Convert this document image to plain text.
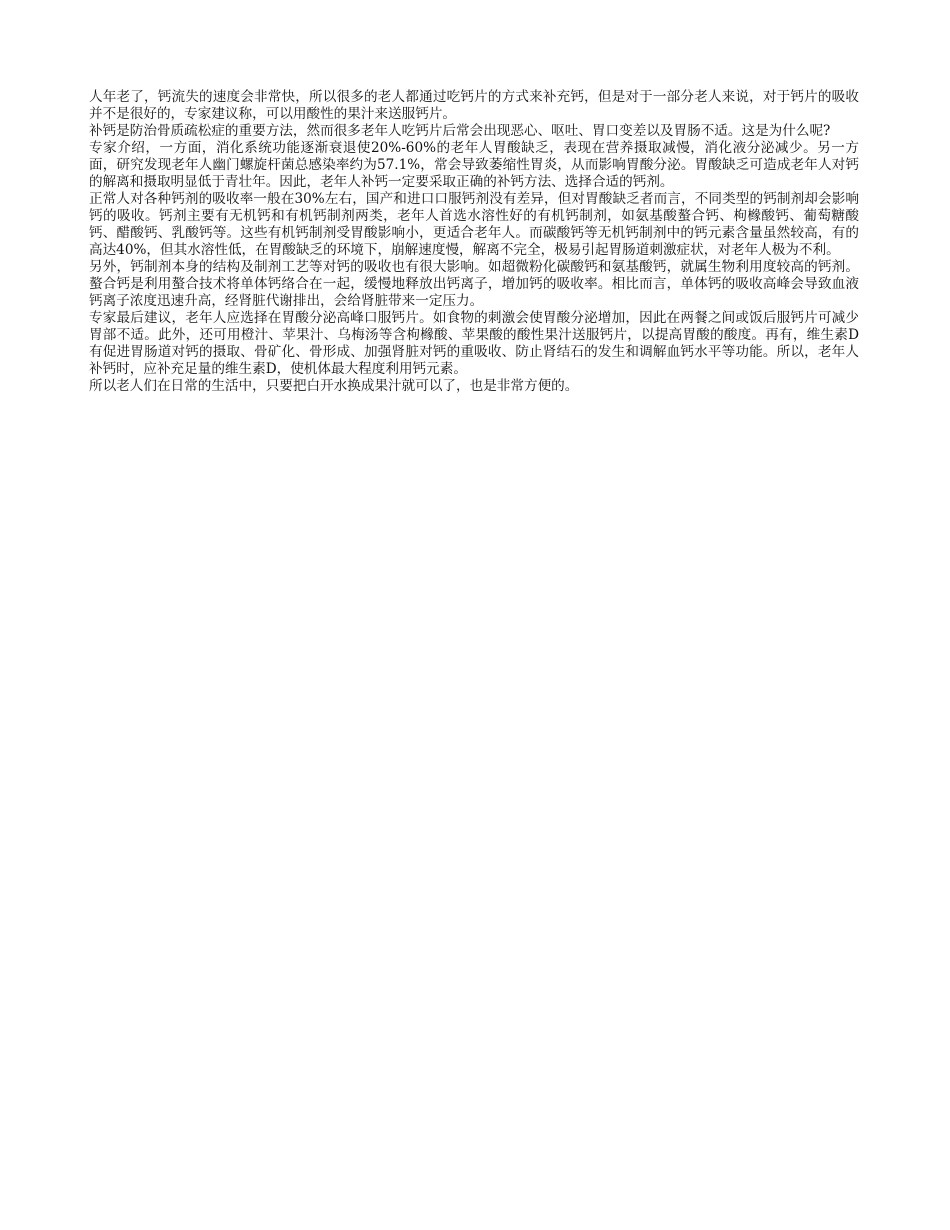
人年老了，钙流失的速度会非常快，所以很多的老人都通过吃钙片的方式来补充钙，但是对于一部分老人来说，对于钙片的吸收并不是很好的，专家建议称，可以用酸性的果汁来送服钙片。

补钙是防治骨质疏松症的重要方法，然而很多老年人吃钙片后常会出现恶心、呕吐、胃口变差以及胃肠不适。这是为什么呢?

专家介绍，一方面，消化系统功能逐渐衰退使20%-60%的老年人胃酸缺乏，表现在营养摄取减慢，消化液分泌减少。另一方面，研究发现老年人幽门螺旋杆菌总感染率约为57.1%，常会导致萎缩性胃炎，从而影响胃酸分泌。胃酸缺乏可造成老年人对钙的解离和摄取明显低于青壮年。因此，老年人补钙一定要采取正确的补钙方法、选择合适的钙剂。

正常人对各种钙剂的吸收率一般在30%左右，国产和进口口服钙剂没有差异，但对胃酸缺乏者而言，不同类型的钙制剂却会影响钙的吸收。钙剂主要有无机钙和有机钙制剂两类，老年人首选水溶性好的有机钙制剂，如氨基酸螯合钙、枸橼酸钙、葡萄糖酸钙、醋酸钙、乳酸钙等。这些有机钙制剂受胃酸影响小，更适合老年人。而碳酸钙等无机钙制剂中的钙元素含量虽然较高，有的高达40%，但其水溶性低，在胃酸缺乏的环境下，崩解速度慢，解离不完全，极易引起胃肠道刺激症状，对老年人极为不利。

另外，钙制剂本身的结构及制剂工艺等对钙的吸收也有很大影响。如超微粉化碳酸钙和氨基酸钙，就属生物利用度较高的钙剂。螯合钙是利用螯合技术将单体钙络合在一起，缓慢地释放出钙离子，增加钙的吸收率。相比而言，单体钙的吸收高峰会导致血液钙离子浓度迅速升高，经肾脏代谢排出，会给肾脏带来一定压力。

专家最后建议，老年人应选择在胃酸分泌高峰口服钙片。如食物的刺激会使胃酸分泌增加，因此在两餐之间或饭后服钙片可减少胃部不适。此外，还可用橙汁、苹果汁、乌梅汤等含枸橼酸、苹果酸的酸性果汁送服钙片，以提高胃酸的酸度。再有，维生素D有促进胃肠道对钙的摄取、骨矿化、骨形成、加强肾脏对钙的重吸收、防止肾结石的发生和调解血钙水平等功能。所以，老年人补钙时，应补充足量的维生素D，使机体最大程度利用钙元素。

所以老人们在日常的生活中，只要把白开水换成果汁就可以了，也是非常方便的。
